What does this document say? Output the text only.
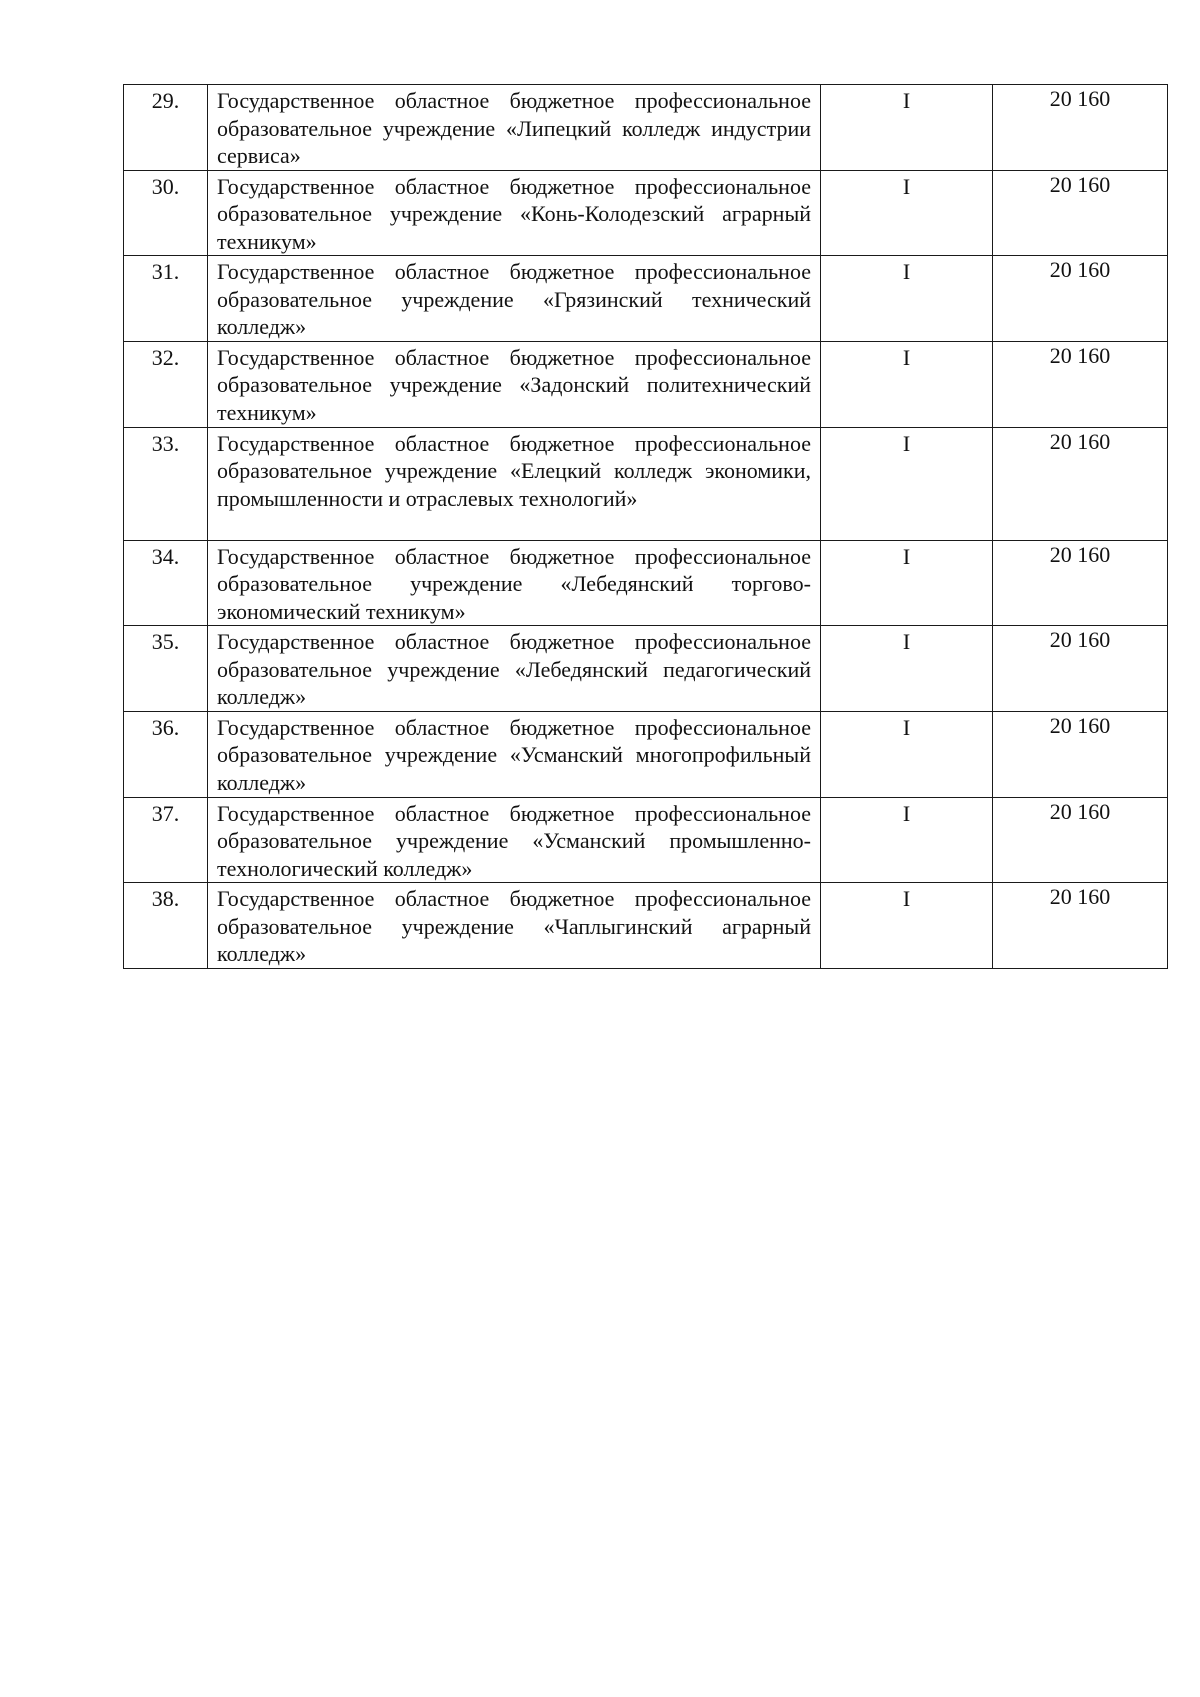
29.	Государственное областное бюджетное профессиональное образовательное учреждение «Липецкий колледж индустрии сервиса»	I	20 160
30.	Государственное областное бюджетное профессиональное образовательное учреждение «Конь-Колодезский аграрный техникум»	I	20 160
31.	Государственное областное бюджетное профессиональное образовательное учреждение «Грязинский технический колледж»	I	20 160
32.	Государственное областное бюджетное профессиональное образовательное учреждение «Задонский политехнический техникум»	I	20 160
33.	Государственное областное бюджетное профессиональное образовательное учреждение «Елецкий колледж экономики, промышленности и отраслевых технологий»	I	20 160
34.	Государственное областное бюджетное профессиональное образовательное учреждение «Лебедянский торгово-экономический техникум»	I	20 160
35.	Государственное областное бюджетное профессиональное образовательное учреждение «Лебедянский педагогический колледж»	I	20 160
36.	Государственное областное бюджетное профессиональное образовательное учреждение «Усманский многопрофильный колледж»	I	20 160
37.	Государственное областное бюджетное профессиональное образовательное учреждение «Усманский промышленно-технологический колледж»	I	20 160
38.	Государственное областное бюджетное профессиональное образовательное учреждение «Чаплыгинский аграрный колледж»	I	20 160
